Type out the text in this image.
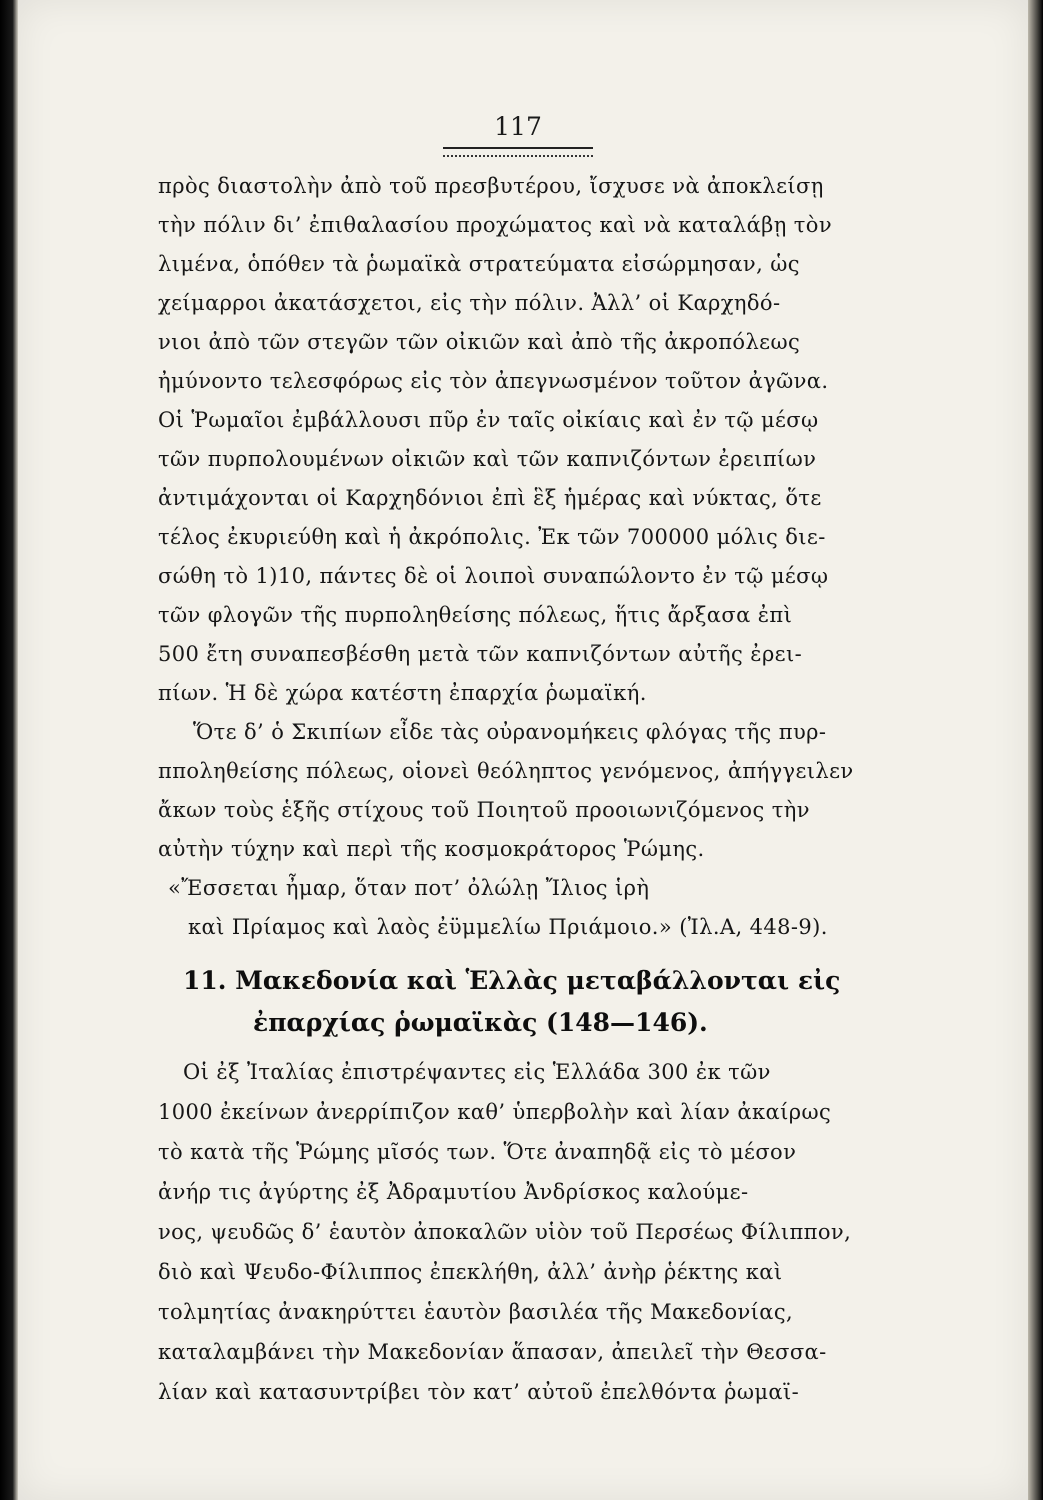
117
πρὸς διαστολὴν ἀπὸ τοῦ πρεσβυτέρου, ἴσχυσε νὰ ἀποκλείσῃ
τὴν πόλιν δι’ ἐπιθαλασίου προχώματος καὶ νὰ καταλάβῃ τὸν
λιμένα, ὁπόθεν τὰ ῥωμαϊκὰ στρατεύματα εἰσώρμησαν, ὡς
χείμαρροι ἀκατάσχετοι, εἰς τὴν πόλιν. Ἀλλ’ οἱ Καρχηδό-
νιοι ἀπὸ τῶν στεγῶν τῶν οἰκιῶν καὶ ἀπὸ τῆς ἀκροπόλεως
ἠμύνοντο τελεσφόρως εἰς τὸν ἀπεγνωσμένον τοῦτον ἀγῶνα.
Οἱ Ῥωμαῖοι ἐμβάλλουσι πῦρ ἐν ταῖς οἰκίαις καὶ ἐν τῷ μέσῳ
τῶν πυρπολουμένων οἰκιῶν καὶ τῶν καπνιζόντων ἐρειπίων
ἀντιμάχονται οἱ Καρχηδόνιοι ἐπὶ ἓξ ἡμέρας καὶ νύκτας, ὅτε
τέλος ἐκυριεύθη καὶ ἡ ἀκρόπολις. Ἐκ τῶν 700000 μόλις διε-
σώθη τὸ 1)10, πάντες δὲ οἱ λοιποὶ συναπώλοντο ἐν τῷ μέσῳ
τῶν φλογῶν τῆς πυρποληθείσης πόλεως, ἥτις ἄρξασα ἐπὶ
500 ἔτη συναπεσβέσθη μετὰ τῶν καπνιζόντων αὐτῆς ἐρει-
πίων. Ἡ δὲ χώρα κατέστη ἐπαρχία ῥωμαϊκή.
Ὅτε δ’ ὁ Σκιπίων εἶδε τὰς οὐρανομήκεις φλόγας τῆς πυρ-
πποληθείσης πόλεως, οἱονεὶ θεόληπτος γενόμενος, ἀπήγγειλεν
ἄκων τοὺς ἑξῆς στίχους τοῦ Ποιητοῦ προοιωνιζόμενος τὴν
αὐτὴν τύχην καὶ περὶ τῆς κοσμοκράτορος Ῥώμης.
«Ἔσσεται ἦμαρ, ὅταν ποτ’ ὀλώλῃ Ἴλιος ἱρὴ
καὶ Πρίαμος καὶ λαὸς ἐϋμμελίω Πριάμοιο.» (Ἰλ.Α, 448-9).
11. Μακεδονία καὶ Ἑλλὰς μεταβάλλονται εἰς
ἐπαρχίας ῥωμαϊκὰς (148—146).
Οἱ ἐξ Ἰταλίας ἐπιστρέψαντες εἰς Ἑλλάδα 300 ἐκ τῶν
1000 ἐκείνων ἀνερρίπιζον καθ’ ὑπερβολὴν καὶ λίαν ἀκαίρως
τὸ κατὰ τῆς Ῥώμης μῖσός των. Ὅτε ἀναπηδᾷ εἰς τὸ μέσον
ἀνήρ τις ἀγύρτης ἐξ Ἀδραμυτίου Ἀνδρίσκος καλούμε-
νος, ψευδῶς δ’ ἑαυτὸν ἀποκαλῶν υἱὸν τοῦ Περσέως Φίλιππον,
διὸ καὶ Ψευδο-Φίλιππος ἐπεκλήθη, ἀλλ’ ἀνὴρ ῥέκτης καὶ
τολμητίας ἀνακηρύττει ἑαυτὸν βασιλέα τῆς Μακεδονίας,
καταλαμβάνει τὴν Μακεδονίαν ἅπασαν, ἀπειλεῖ τὴν Θεσσα-
λίαν καὶ κατασυντρίβει τὸν κατ’ αὐτοῦ ἐπελθόντα ῥωμαϊ-
